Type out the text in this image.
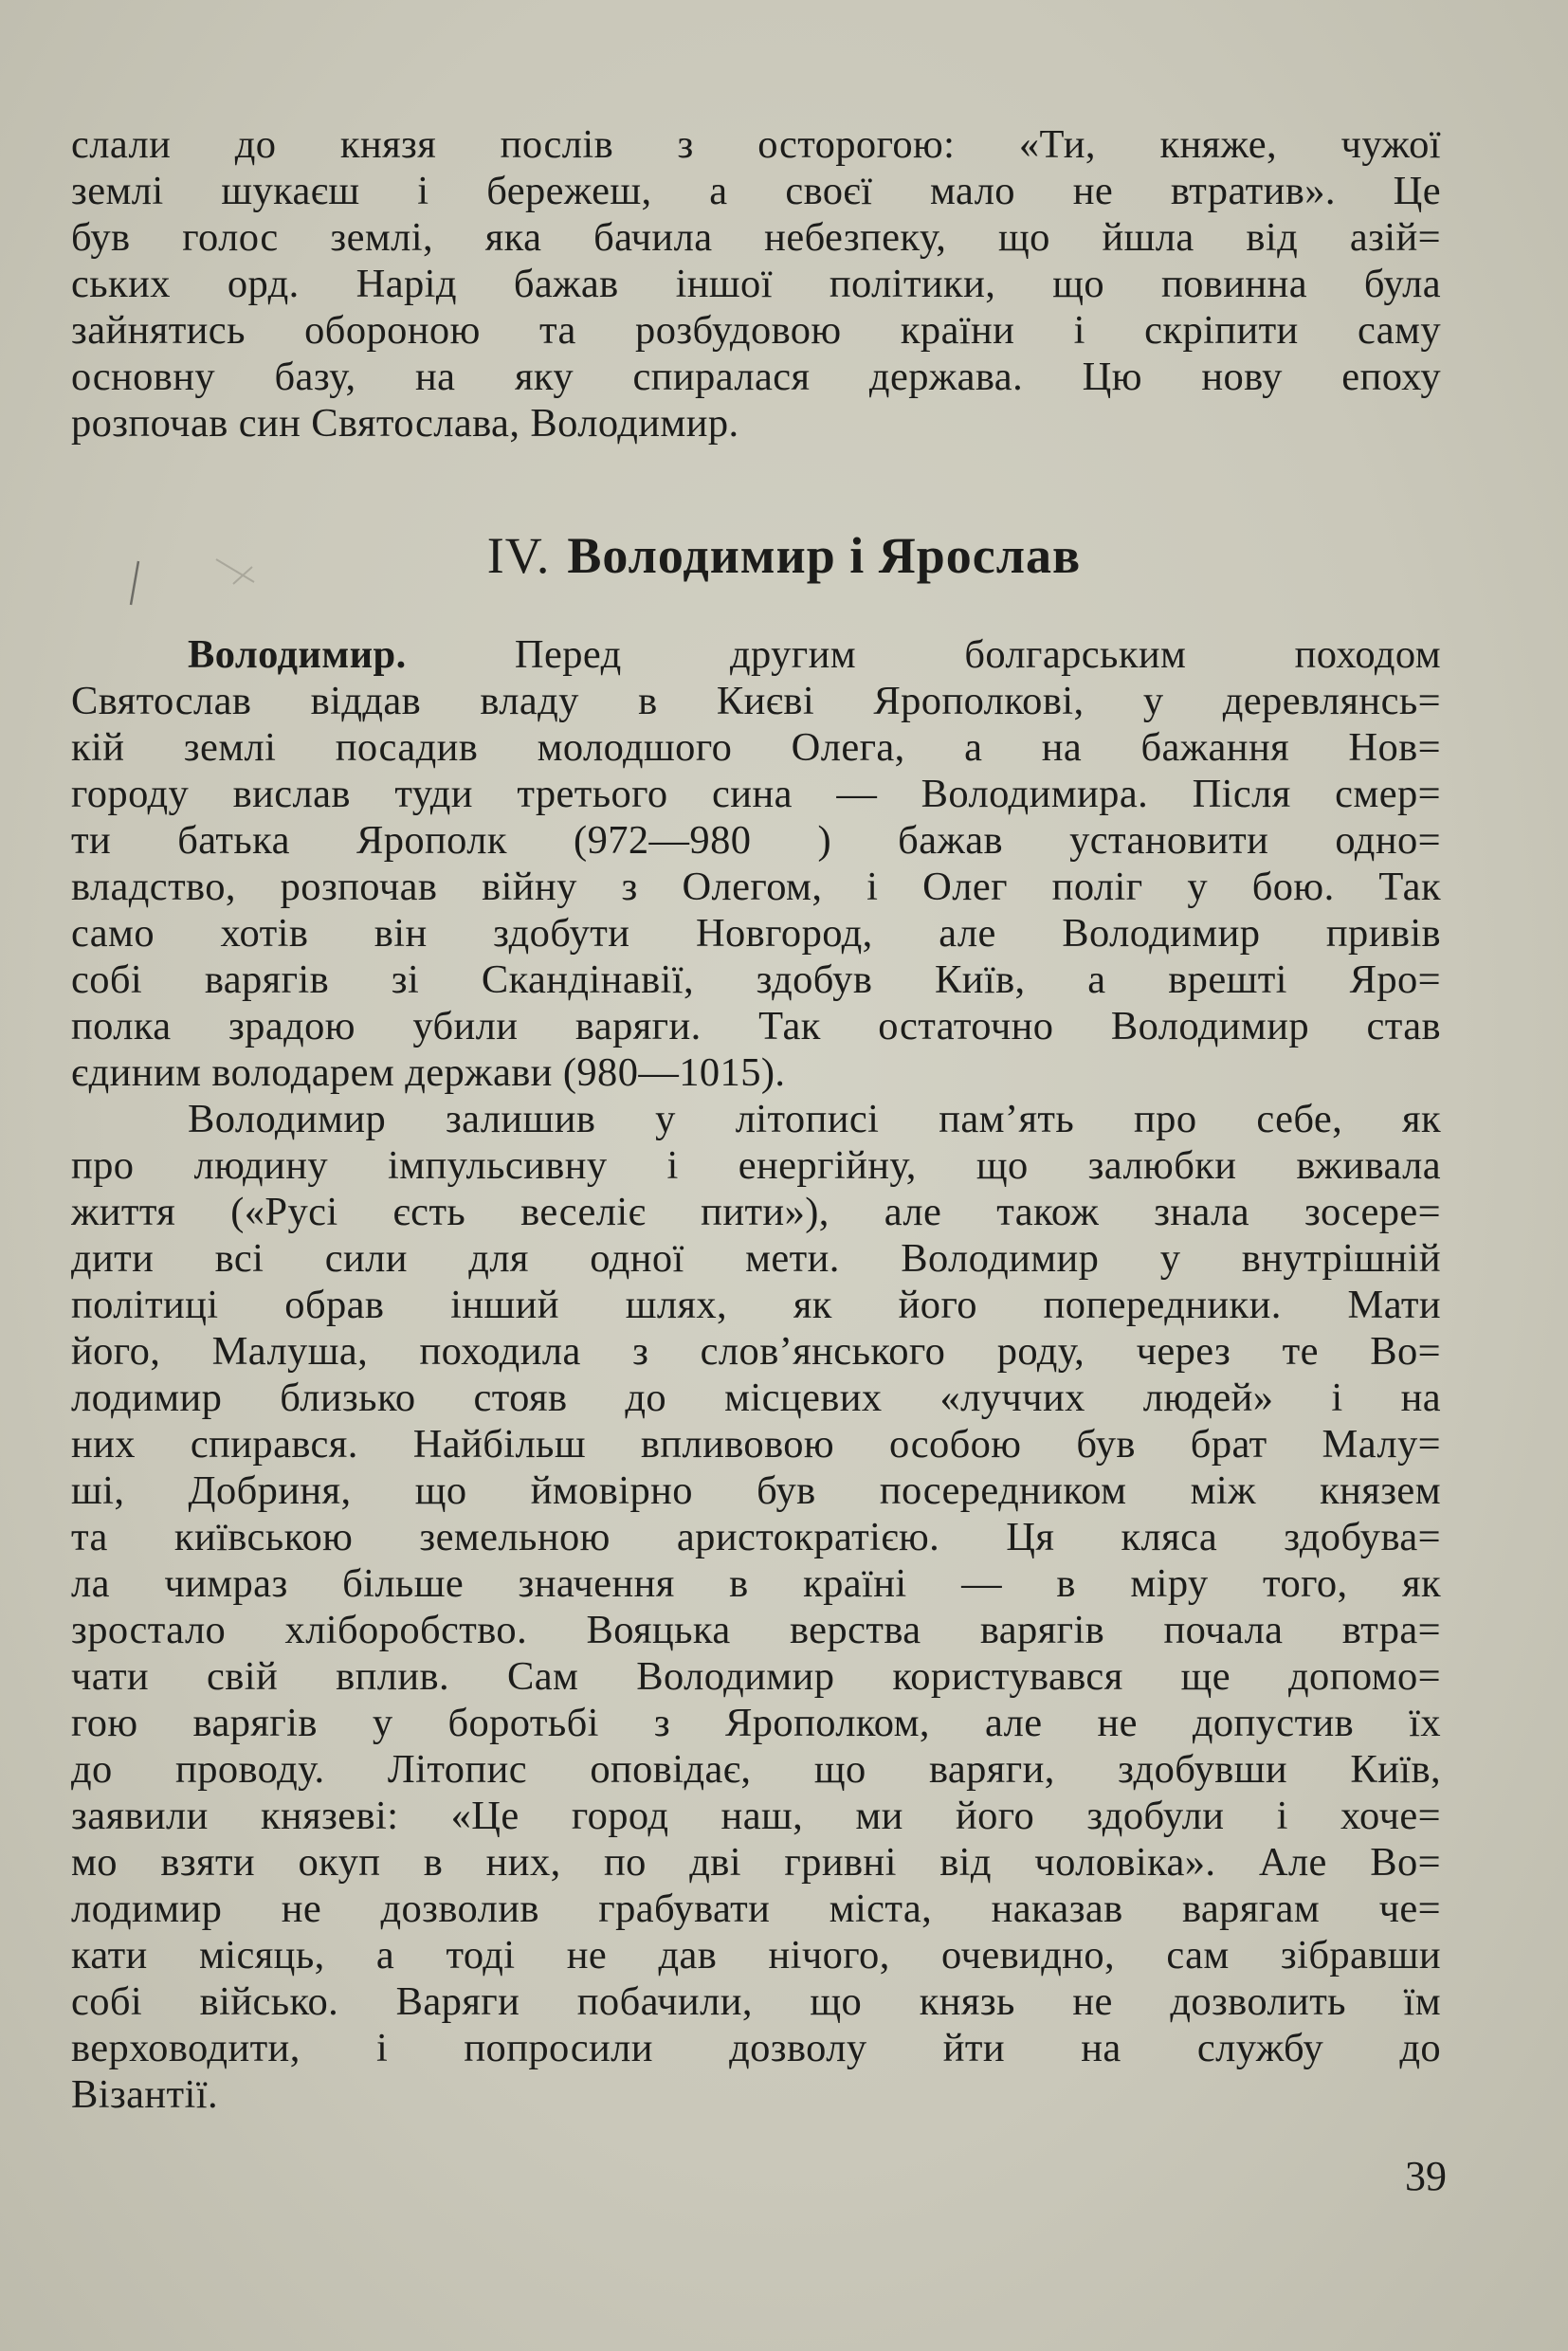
слали до князя послів з осторогою: «Ти, княже, чужої
землі шукаєш і бережеш, а своєї мало не втратив». Це
був голос землі, яка бачила небезпеку, що йшла від азій=
ських орд. Нарід бажав іншої політики, що повинна була
зайнятись обороною та розбудовою країни і скріпити саму
основну базу, на яку спиралася держава. Цю нову епоху
розпочав син Святослава, Володимир.
IV. Володимир і Ярослав
Володимир.	Перед другим болгарським походом
Святослав віддав владу в Києві Ярополкові, у деревлянсь=
кій землі посадив молодшого Олега, а на бажання Нов=
городу вислав туди третього сина — Володимира. Після смер=
ти батька Ярополк (972—980 ) бажав установити одно=
владство, розпочав війну з Олегом, і Олег поліг у бою. Так
само хотів він здобути Новгород, але Володимир привів
собі варягів зі Скандінавії, здобув Київ, а врешті Яро=
полка зрадою убили варяги. Так остаточно Володимир став
єдиним володарем держави (980—1015).
Володимир залишив у літописі пам’ять про себе, як
про людину імпульсивну і енергійну, що залюбки вживала
життя («Русі єсть веселіє пити»), але також знала зосере=
дити всі сили для одної мети. Володимир у внутрішній
політиці обрав інший шлях, як його попередники. Мати
його, Малуша, походила з слов’янського роду, через те Во=
лодимир близько стояв до місцевих «луччих людей» і на
них спирався. Найбільш впливовою особою був брат Малу=
ші, Добриня, що ймовірно був посередником між князем
та київською земельною аристократією. Ця кляса здобува=
ла чимраз більше значення в країні — в міру того, як
зростало хліборобство. Вояцька верства варягів почала втра=
чати свій вплив. Сам Володимир користувався ще допомо=
гою варягів у боротьбі з Ярополком, але не допустив їх
до проводу. Літопис оповідає, що варяги, здобувши Київ,
заявили князеві: «Це город наш, ми його здобули і хоче=
мо взяти окуп в них, по дві гривні від чоловіка». Але Во=
лодимир не дозволив грабувати міста, наказав варягам че=
кати місяць, а тоді не дав нічого, очевидно, сам зібравши
собі військо. Варяги побачили, що князь не дозволить їм
верховодити, і попросили дозволу йти на службу до
Візантії.
39
